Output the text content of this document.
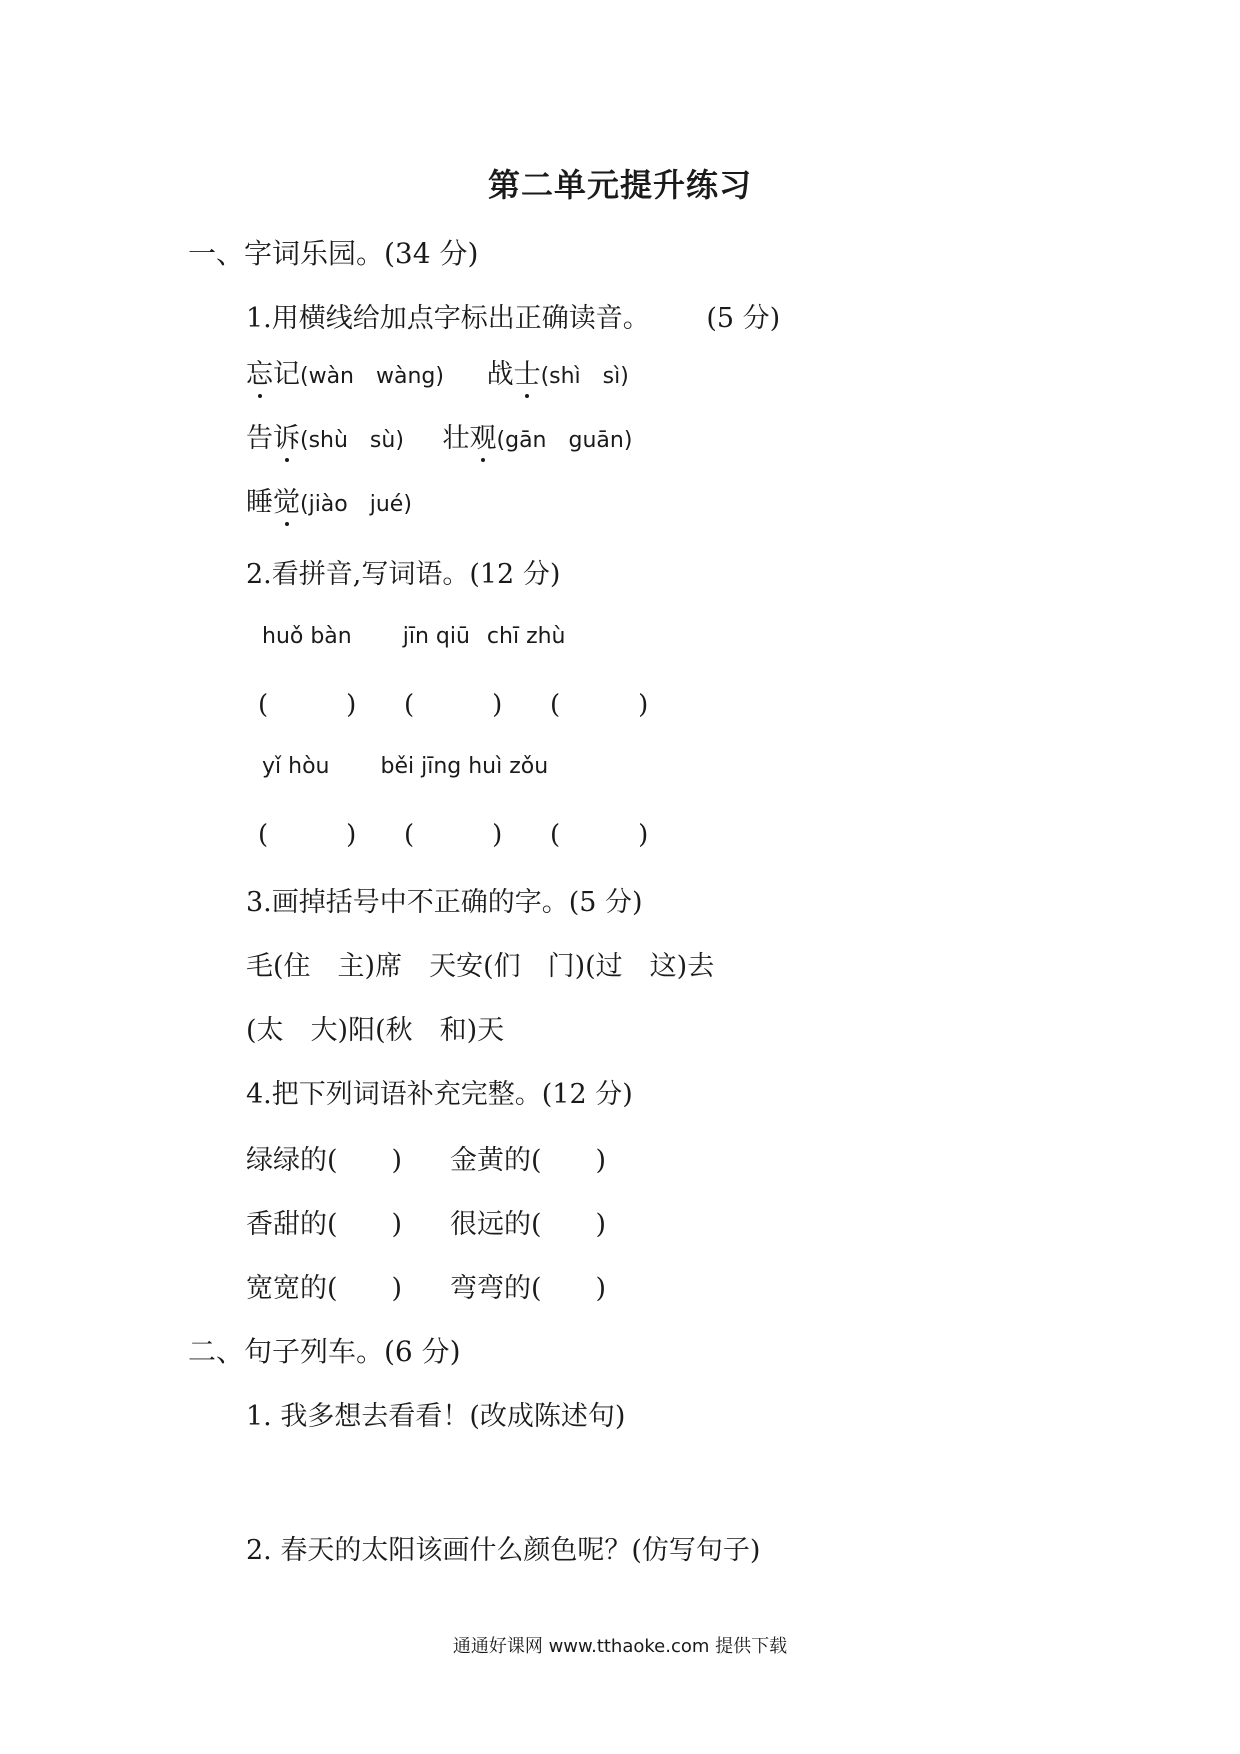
第二单元提升练习
一、字词乐园。(34 分)
1.用横线给加点字标出正确读音。 (5 分)
忘记(wàn　wàng) 战士(shì　sì)
告诉(shù　sù) 壮观(gān　guān)
睡觉(jiào　jué)
2.看拼音,写词语。(12 分)
huǒ bàn jīn qiū chī zhù
(　　　) (　　　) (　　　)
yǐ hòu běi jīng huì zǒu
(　　　) (　　　) (　　　)
3.画掉括号中不正确的字。(5 分)
毛(住　主)席　天安(们　门)(过　这)去
(太　大)阳(秋　和)天
4.把下列词语补充完整。(12 分)
绿绿的(　　) 金黄的(　　)
香甜的(　　) 很远的(　　)
宽宽的(　　) 弯弯的(　　)
二、句子列车。(6 分)
1. 我多想去看看！(改成陈述句)
2. 春天的太阳该画什么颜色呢？(仿写句子)
通通好课网 www.tthaoke.com 提供下载
